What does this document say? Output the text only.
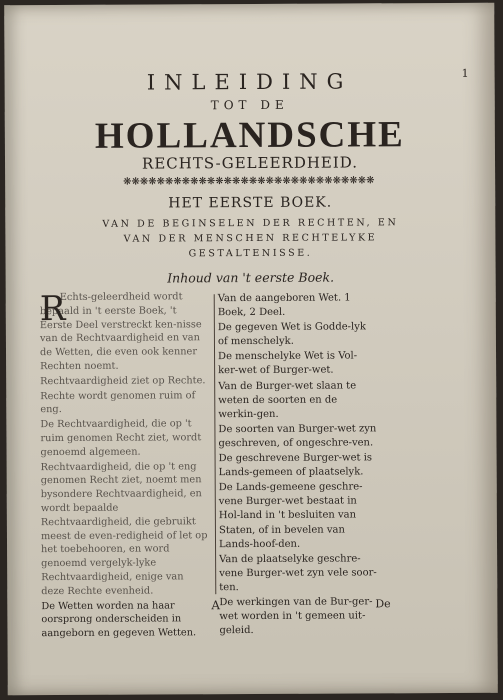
1
INLEIDING
TOT DE
HOLLANDSCHE
RECHTS-GELEERDHEID.
❋❋❋❋❋❋❋❋❋❋❋❋❋❋❋❋❋❋❋❋❋❋❋❋❋❋❋❋❋❋
HET EERSTE BOEK.
VAN DE BEGINSELEN DER RECHTEN, EN
VAN DER MENSCHEN RECHTELYKE
GESTALTENISSE.
Inhoud van 't eerste Boek.
R

Echts-geleerdheid wordt bepaald in 't eerste Boek, 't Eerste Deel verstreckt ken-nisse van de Rechtvaardigheid en van de Wetten, die even ook kenner Rechten noemt.

Rechtvaardigheid ziet op Rechte.

Rechte wordt genomen ruim of eng.

De Rechtvaardigheid, die op 't ruim genomen Recht ziet, wordt genoemd algemeen.

Rechtvaardigheid, die op 't eng genomen Recht ziet, noemt men bysondere Rechtvaardigheid, en wordt bepaalde Rechtvaardigheid, die gebruikt meest de even-redigheid of let op het toebehooren, en word genoemd vergelyk-lyke Rechtvaardigheid, enige van deze Rechte evenheid.

De Wetten worden na haar oorsprong onderscheiden in aangeborn en gegeven Wetten.

Van de aangeboren Wet. 1 Boek, 2 Deel.

De gegeven Wet is Godde-lyk of menschelyk.

De menschelyke Wet is Vol-ker-wet of Burger-wet.

Van de Burger-wet slaan te weten de soorten en de werkin-gen.

De soorten van Burger-wet zyn geschreven, of ongeschre-ven.

De geschrevene Burger-wet is Lands-gemeen of plaatselyk.

De Lands-gemeene geschre-vene Burger-wet bestaat in Hol-land in 't besluiten van Staten, of in bevelen van Lands-hoof-den.

Van de plaatselyke geschre-vene Burger-wet zyn vele soor-ten.

De werkingen van de Bur-ger-wet worden in 't gemeen uit-geleid.

A	De
